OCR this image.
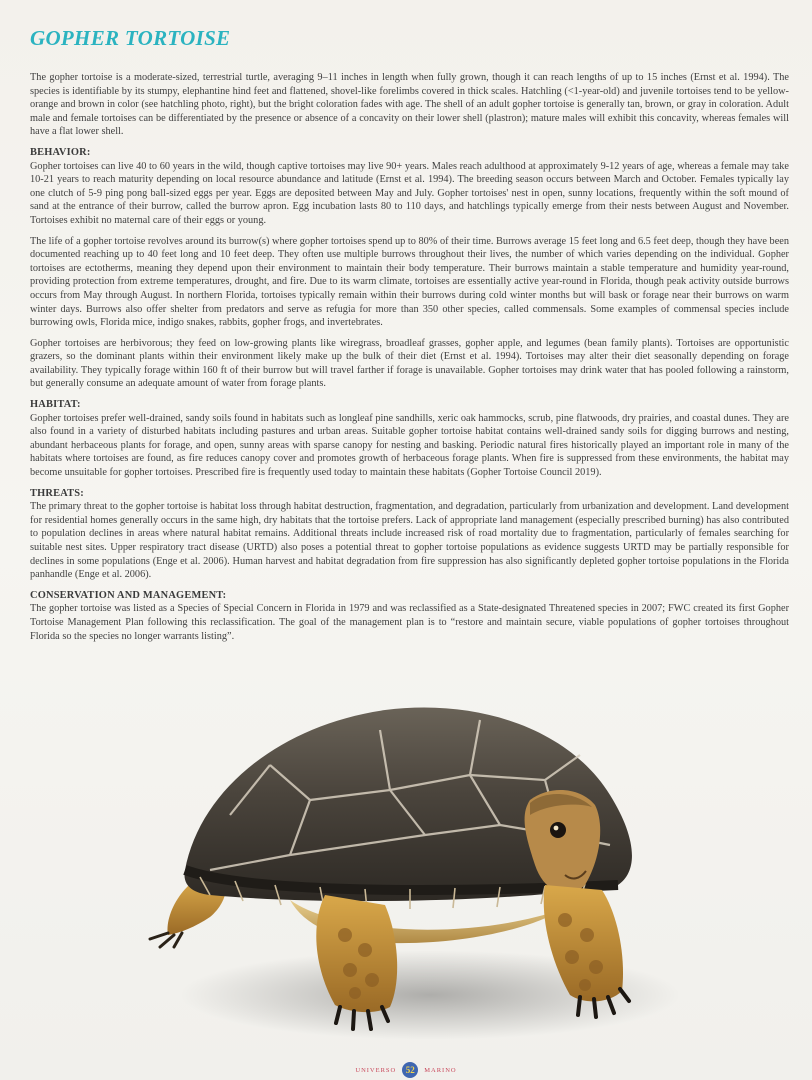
GOPHER TORTOISE

The gopher tortoise is a moderate-sized, terrestrial turtle, averaging 9–11 inches in length when fully grown, though it can reach lengths of up to 15 inches (Ernst et al. 1994). The species is identifiable by its stumpy, elephantine hind feet and flattened, shovel-like forelimbs covered in thick scales. Hatchling (<1-year-old) and juvenile tortoises tend to be yellow-orange and brown in color (see hatchling photo, right), but the bright coloration fades with age. The shell of an adult gopher tortoise is generally tan, brown, or gray in coloration. Adult male and female tortoises can be differentiated by the presence or absence of a concavity on their lower shell (plastron); mature males will exhibit this concavity, whereas females will have a flat lower shell.

BEHAVIOR:

Gopher tortoises can live 40 to 60 years in the wild, though captive tortoises may live 90+ years. Males reach adulthood at approximately 9-12 years of age, whereas a female may take 10-21 years to reach maturity depending on local resource abundance and latitude (Ernst et al. 1994). The breeding season occurs between March and October. Females typically lay one clutch of 5-9 ping pong ball-sized eggs per year. Eggs are deposited between May and July. Gopher tortoises' nest in open, sunny locations, frequently within the soft mound of sand at the entrance of their burrow, called the burrow apron. Egg incubation lasts 80 to 110 days, and hatchlings typically emerge from their nests between August and November. Tortoises exhibit no maternal care of their eggs or young.

The life of a gopher tortoise revolves around its burrow(s) where gopher tortoises spend up to 80% of their time. Burrows average 15 feet long and 6.5 feet deep, though they have been documented reaching up to 40 feet long and 10 feet deep. They often use multiple burrows throughout their lives, the number of which varies depending on the individual. Gopher tortoises are ectotherms, meaning they depend upon their environment to maintain their body temperature. Their burrows maintain a stable temperature and humidity year-round, providing protection from extreme temperatures, drought, and fire. Due to its warm climate, tortoises are essentially active year-round in Florida, though peak activity outside burrows occurs from May through August. In northern Florida, tortoises typically remain within their burrows during cold winter months but will bask or forage near their burrows on warm winter days. Burrows also offer shelter from predators and serve as refugia for more than 350 other species, called commensals. Some examples of commensal species include burrowing owls, Florida mice, indigo snakes, rabbits, gopher frogs, and invertebrates.

Gopher tortoises are herbivorous; they feed on low-growing plants like wiregrass, broadleaf grasses, gopher apple, and legumes (bean family plants). Tortoises are opportunistic grazers, so the dominant plants within their environment likely make up the bulk of their diet (Ernst et al. 1994). Tortoises may alter their diet seasonally depending on forage availability. They typically forage within 160 ft of their burrow but will travel farther if forage is unavailable. Gopher tortoises may drink water that has pooled following a rainstorm, but generally consume an adequate amount of water from forage plants.

HABITAT:

Gopher tortoises prefer well-drained, sandy soils found in habitats such as longleaf pine sandhills, xeric oak hammocks, scrub, pine flatwoods, dry prairies, and coastal dunes. They are also found in a variety of disturbed habitats including pastures and urban areas. Suitable gopher tortoise habitat contains well-drained sandy soils for digging burrows and nesting, abundant herbaceous plants for forage, and open, sunny areas with sparse canopy for nesting and basking. Periodic natural fires historically played an important role in many of the habitats where tortoises are found, as fire reduces canopy cover and promotes growth of herbaceous forage plants. When fire is suppressed from these environments, the habitat may become unsuitable for gopher tortoises. Prescribed fire is frequently used today to maintain these habitats (Gopher Tortoise Council 2019).

THREATS:

The primary threat to the gopher tortoise is habitat loss through habitat destruction, fragmentation, and degradation, particularly from urbanization and development. Land development for residential homes generally occurs in the same high, dry habitats that the tortoise prefers. Lack of appropriate land management (especially prescribed burning) has also contributed to population declines in areas where natural habitat remains. Additional threats include increased risk of road mortality due to fragmentation, particularly of females searching for suitable nest sites. Upper respiratory tract disease (URTD) also poses a potential threat to gopher tortoise populations as evidence suggests URTD may be partially responsible for declines in some populations (Enge et al. 2006). Human harvest and habitat degradation from fire suppression has also significantly depleted gopher tortoise populations in the Florida panhandle (Enge et al. 2006).

CONSERVATION AND MANAGEMENT:

The gopher tortoise was listed as a Species of Special Concern in Florida in 1979 and was reclassified as a State-designated Threatened species in 2007; FWC created its first Gopher Tortoise Management Plan following this reclassification. The goal of the management plan is to “restore and maintain secure, viable populations of gopher tortoises throughout Florida so the species no longer warrants listing”.

UNIVERSO	52	MARINO
